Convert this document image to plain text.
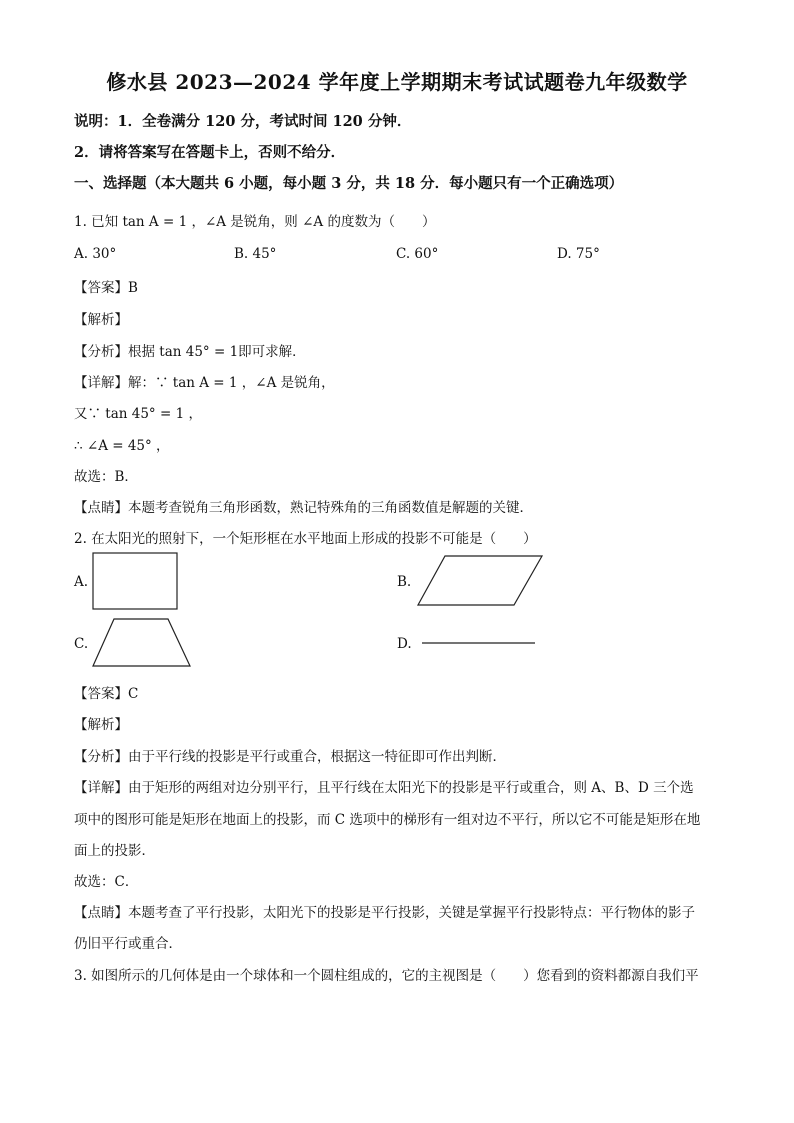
修水县 2023—2024 学年度上学期期末考试试题卷九年级数学
说明：1．全卷满分 120 分，考试时间 120 分钟．
2．请将答案写在答题卡上，否则不给分．
一、选择题（本大题共 6 小题，每小题 3 分，共 18 分．每小题只有一个正确选项）
1. 已知 tan A = 1 ，∠A 是锐角，则 ∠A 的度数为（　　）
A. 30°	B. 45°	C. 60°	D. 75°
【答案】B
【解析】
【分析】根据 tan 45° = 1即可求解．
【详解】解：∵ tan A = 1 ，∠A 是锐角，
又∵ tan 45° = 1 ，
∴ ∠A = 45° ，
故选：B．
【点睛】本题考查锐角三角形函数，熟记特殊角的三角函数值是解题的关键．
2. 在太阳光的照射下，一个矩形框在水平地面上形成的投影不可能是（　　）
A.	B.
C.	D.
【答案】C
【解析】
【分析】由于平行线的投影是平行或重合，根据这一特征即可作出判断．
【详解】由于矩形的两组对边分别平行，且平行线在太阳光下的投影是平行或重合，则 A、B、D 三个选
项中的图形可能是矩形在地面上的投影，而 C 选项中的梯形有一组对边不平行，所以它不可能是矩形在地
面上的投影．
故选：C．
【点睛】本题考查了平行投影，太阳光下的投影是平行投影，关键是掌握平行投影特点：平行物体的影子
仍旧平行或重合．
3. 如图所示的几何体是由一个球体和一个圆柱组成的，它的主视图是（　　）您看到的资料都源自我们平
